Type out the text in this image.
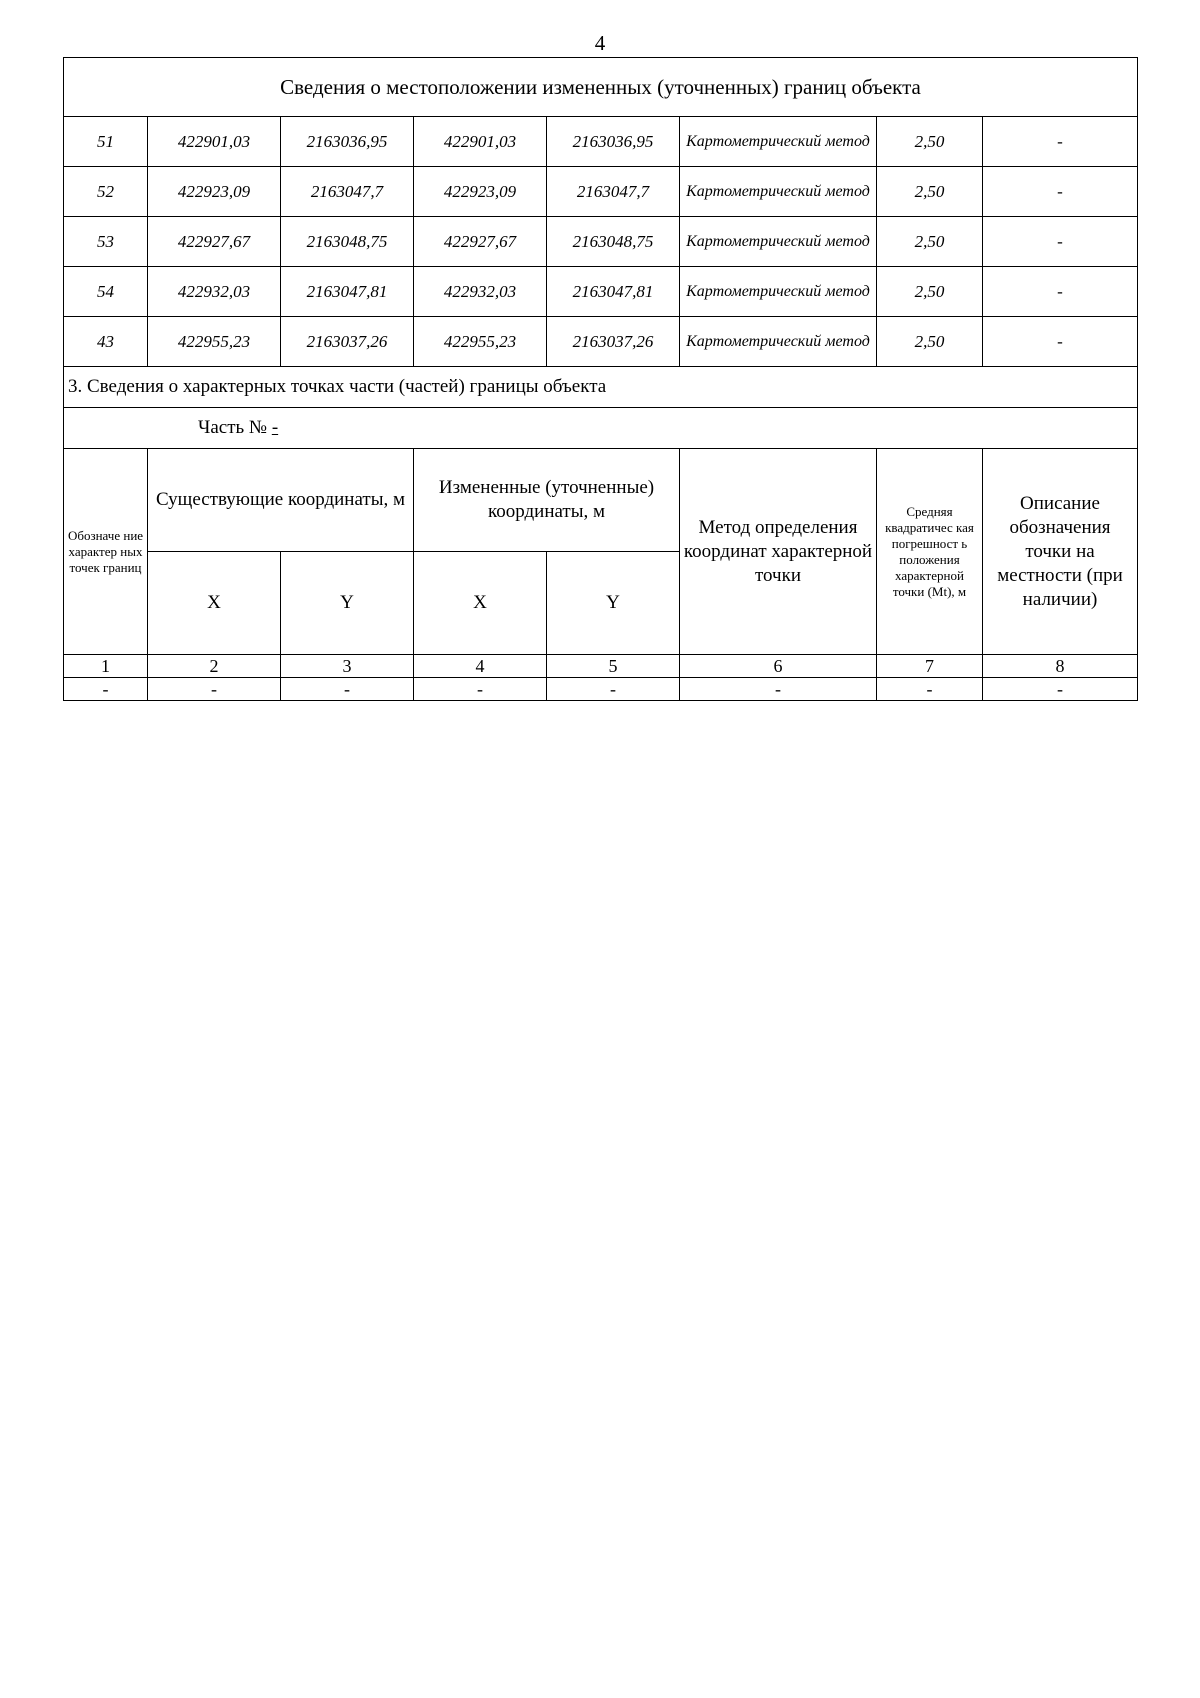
4
Сведения о местоположении измененных (уточненных) границ объекта							
51	422901,03	2163036,95	422901,03	2163036,95	Картометрический метод	2,50	-
52	422923,09	2163047,7	422923,09	2163047,7	Картометрический метод	2,50	-
53	422927,67	2163048,75	422927,67	2163048,75	Картометрический метод	2,50	-
54	422932,03	2163047,81	422932,03	2163047,81	Картометрический метод	2,50	-
43	422955,23	2163037,26	422955,23	2163037,26	Картометрический метод	2,50	-
3. Сведения о характерных точках части (частей) границы объекта							
Часть № -							
Обозначе ние характер ных точек границ	Существующие координаты, м		Измененные (уточненные) координаты, м		Метод определения координат характерной точки	Средняя квадратичес кая погрешност ь положения характерной точки (Mt), м	Описание обозначения точки на местности (при наличии)
	X	Y	X	Y			
1	2	3	4	5	6	7	8
-	-	-	-	-	-	-	-
